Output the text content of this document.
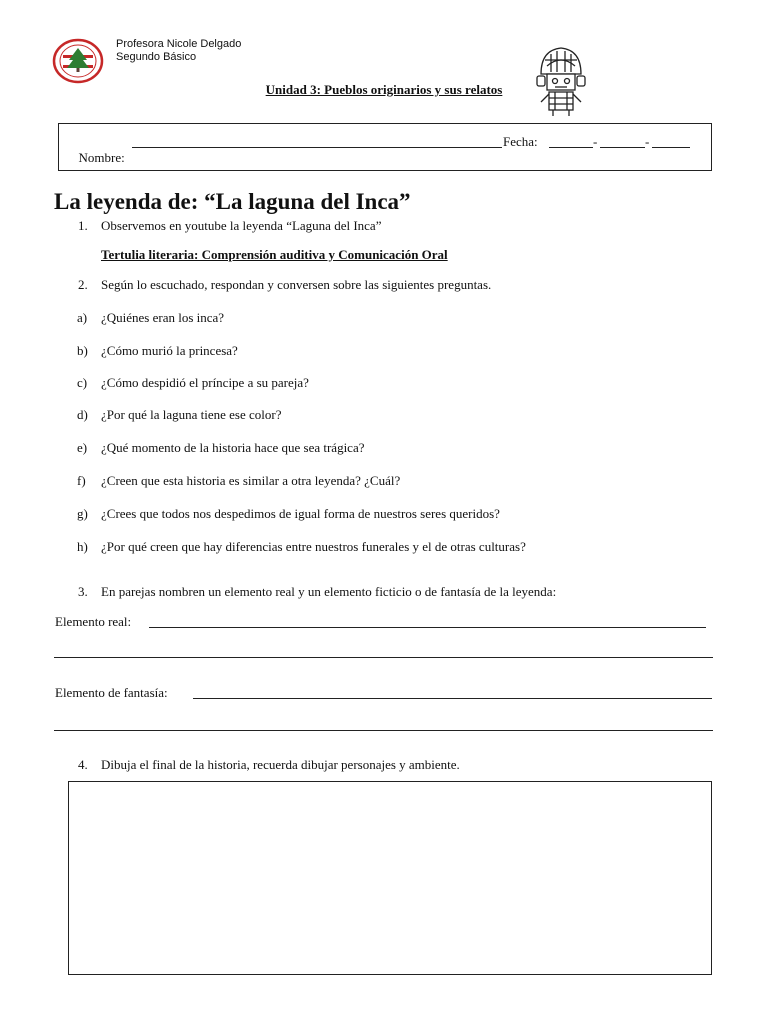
Profesora Nicole Delgado
Segundo Básico
Unidad 3: Pueblos originarios y sus relatos

Nombre:

Fecha:

	-

	-

La leyenda de: “La laguna del Inca”
1.	Observemos en youtube la leyenda “Laguna del Inca”
Tertulia literaria: Comprensión auditiva y Comunicación Oral
2.	Según lo escuchado, respondan y conversen sobre las siguientes preguntas.
a) ¿Quiénes eran los inca?
b) ¿Cómo murió la princesa?
c) ¿Cómo despidió el príncipe a su pareja?
d) ¿Por qué la laguna tiene ese color?
e) ¿Qué momento de la historia hace que sea trágica?
f) ¿Creen que esta historia es similar a otra leyenda? ¿Cuál?
g) ¿Crees que todos nos despedimos de igual forma de nuestros seres queridos?
h) ¿Por qué creen que hay diferencias entre nuestros funerales y el de otras culturas?
3.	En parejas nombren un elemento real y un elemento ficticio o de fantasía de la leyenda:
Elemento real:
Elemento de fantasía:
4.	Dibuja el final de la historia, recuerda dibujar personajes y ambiente.
